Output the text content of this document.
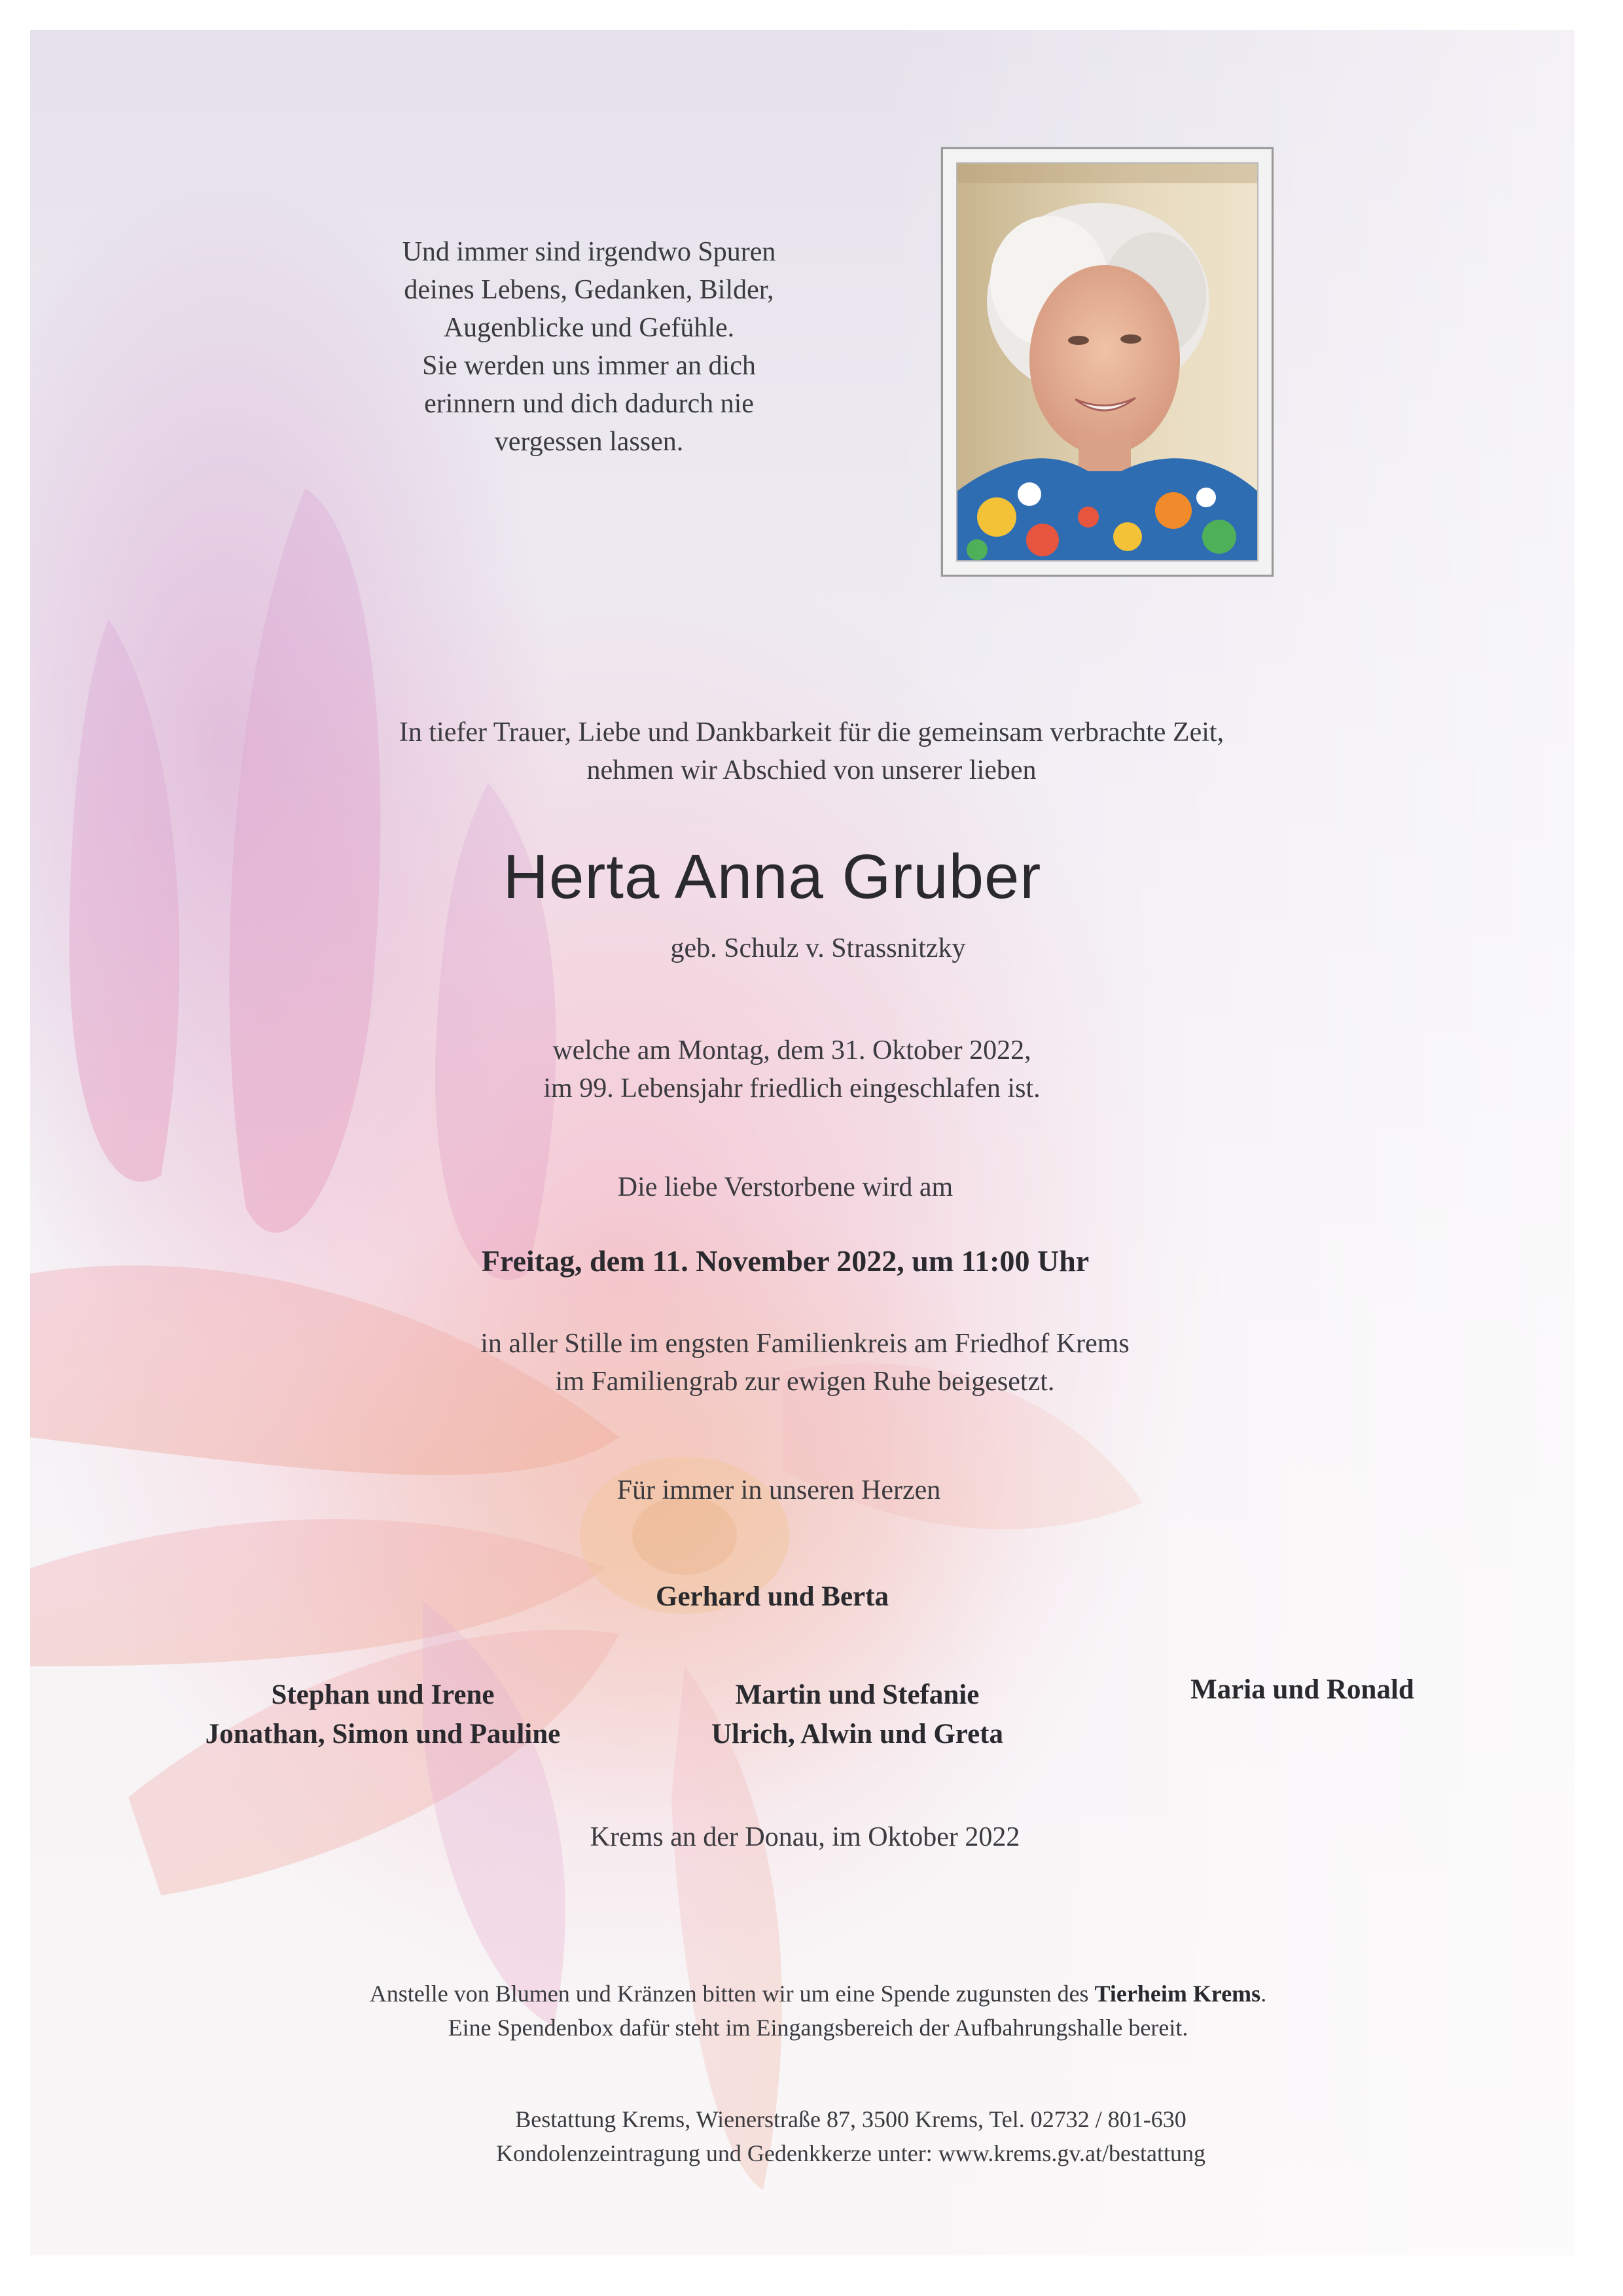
Und immer sind irgendwo Spuren
deines Lebens, Gedanken, Bilder,
Augenblicke und Gefühle.
Sie werden uns immer an dich
erinnern und dich dadurch nie
vergessen lassen.
In tiefer Trauer, Liebe und Dankbarkeit für die gemeinsam verbrachte Zeit,
nehmen wir Abschied von unserer lieben
Herta Anna Gruber
geb. Schulz v. Strassnitzky
welche am Montag, dem 31. Oktober 2022,
im 99. Lebensjahr friedlich eingeschlafen ist.
Die liebe Verstorbene wird am
Freitag, dem 11. November 2022, um 11:00 Uhr
in aller Stille im engsten Familienkreis am Friedhof Krems
im Familiengrab zur ewigen Ruhe beigesetzt.
Für immer in unseren Herzen
Gerhard und Berta
Stephan und Irene
Jonathan, Simon und Pauline
Martin und Stefanie
Ulrich, Alwin und Greta
Maria und Ronald
Krems an der Donau, im Oktober 2022
Anstelle von Blumen und Kränzen bitten wir um eine Spende zugunsten des Tierheim Krems.
Eine Spendenbox dafür steht im Eingangsbereich der Aufbahrungshalle bereit.
Bestattung Krems, Wienerstraße 87, 3500 Krems, Tel. 02732 / 801-630
Kondolenzeintragung und Gedenkkerze unter: www.krems.gv.at/bestattung
